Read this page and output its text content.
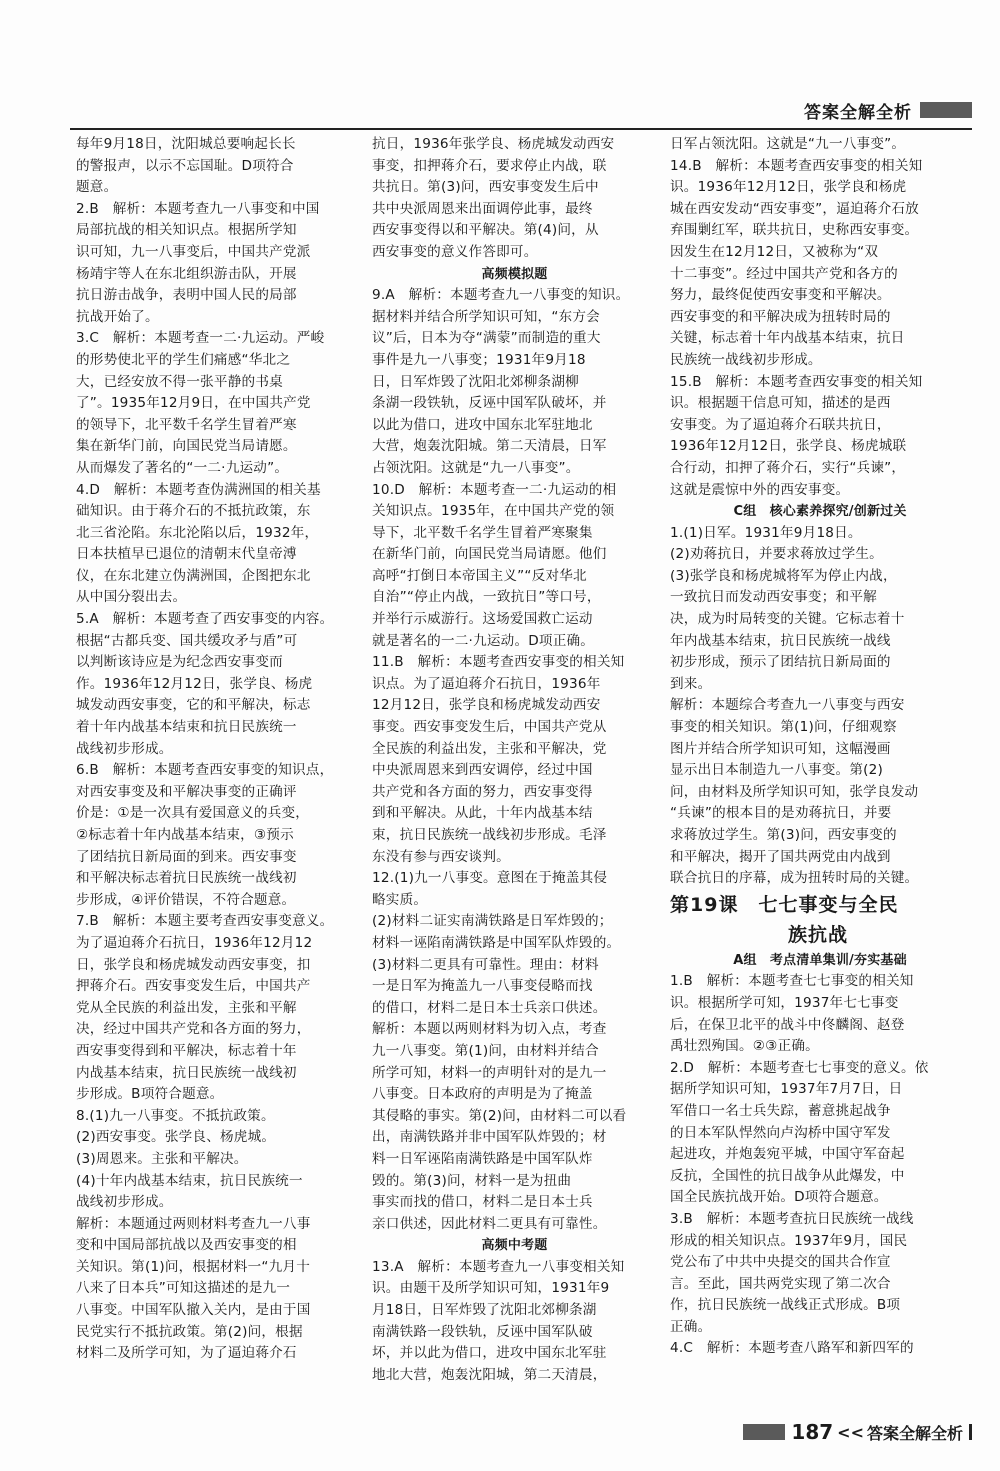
答案全解全析
每年9月18日，沈阳城总要响起长长
的警报声，以示不忘国耻。D项符合
题意。
2.B　解析：本题考查九一八事变和中国
局部抗战的相关知识点。根据所学知
识可知，九一八事变后，中国共产党派
杨靖宇等人在东北组织游击队，开展
抗日游击战争，表明中国人民的局部
抗战开始了。
3.C　解析：本题考查一二·九运动。严峻
的形势使北平的学生们痛感“华北之
大，已经安放不得一张平静的书桌
了”。1935年12月9日，在中国共产党
的领导下，北平数千名学生冒着严寒
集在新华门前，向国民党当局请愿。
从而爆发了著名的“一二·九运动”。
4.D　解析：本题考查伪满洲国的相关基
础知识。由于蒋介石的不抵抗政策，东
北三省沦陷。东北沦陷以后，1932年，
日本扶植早已退位的清朝末代皇帝溥
仪，在东北建立伪满洲国，企图把东北
从中国分裂出去。
5.A　解析：本题考查了西安事变的内容。
根据“古都兵变、国共缓攻矛与盾”可
以判断该诗应是为纪念西安事变而
作。1936年12月12日，张学良、杨虎
城发动西安事变，它的和平解决，标志
着十年内战基本结束和抗日民族统一
战线初步形成。
6.B　解析：本题考查西安事变的知识点，
对西安事变及和平解决事变的正确评
价是：①是一次具有爱国意义的兵变，
②标志着十年内战基本结束，③预示
了团结抗日新局面的到来。西安事变
和平解决标志着抗日民族统一战线初
步形成，④评价错误，不符合题意。
7.B　解析：本题主要考查西安事变意义。
为了逼迫蒋介石抗日，1936年12月12
日，张学良和杨虎城发动西安事变，扣
押蒋介石。西安事变发生后，中国共产
党从全民族的利益出发，主张和平解
决，经过中国共产党和各方面的努力，
西安事变得到和平解决，标志着十年
内战基本结束，抗日民族统一战线初
步形成。B项符合题意。
8.(1)九一八事变。不抵抗政策。
(2)西安事变。张学良、杨虎城。
(3)周恩来。主张和平解决。
(4)十年内战基本结束，抗日民族统一
战线初步形成。
解析：本题通过两则材料考查九一八事
变和中国局部抗战以及西安事变的相
关知识。第(1)问，根据材料一“九月十
八来了日本兵”可知这描述的是九一
八事变。中国军队撤入关内，是由于国
民党实行不抵抗政策。第(2)问，根据
材料二及所学可知，为了逼迫蒋介石
抗日，1936年张学良、杨虎城发动西安
事变，扣押蒋介石，要求停止内战，联
共抗日。第(3)问，西安事变发生后中
共中央派周恩来出面调停此事，最终
西安事变得以和平解决。第(4)问，从
西安事变的意义作答即可。
高频模拟题
9.A　解析：本题考查九一八事变的知识。
据材料并结合所学知识可知，“东方会
议”后，日本为夺“满蒙”而制造的重大
事件是九一八事变；1931年9月18
日，日军炸毁了沈阳北郊柳条湖柳
条湖一段铁轨，反诬中国军队破坏，并
以此为借口，进攻中国东北军驻地北
大营，炮轰沈阳城。第二天清晨，日军
占领沈阳。这就是“九一八事变”。
10.D　解析：本题考查一二·九运动的相
关知识点。1935年，在中国共产党的领
导下，北平数千名学生冒着严寒聚集
在新华门前，向国民党当局请愿。他们
高呼“打倒日本帝国主义”“反对华北
自治”“停止内战，一致抗日”等口号，
并举行示威游行。这场爱国救亡运动
就是著名的一二·九运动。D项正确。
11.B　解析：本题考查西安事变的相关知
识点。为了逼迫蒋介石抗日，1936年
12月12日，张学良和杨虎城发动西安
事变。西安事变发生后，中国共产党从
全民族的利益出发，主张和平解决，党
中央派周恩来到西安调停，经过中国
共产党和各方面的努力，西安事变得
到和平解决。从此，十年内战基本结
束，抗日民族统一战线初步形成。毛泽
东没有参与西安谈判。
12.(1)九一八事变。意图在于掩盖其侵
略实质。
(2)材料二证实南满铁路是日军炸毁的；
材料一诬陷南满铁路是中国军队炸毁的。
(3)材料二更具有可靠性。理由：材料
一是日军为掩盖九一八事变侵略而找
的借口，材料二是日本士兵亲口供述。
解析：本题以两则材料为切入点，考查
九一八事变。第(1)问，由材料并结合
所学可知，材料一的声明针对的是九一
八事变。日本政府的声明是为了掩盖
其侵略的事实。第(2)问，由材料二可以看
出，南满铁路并非中国军队炸毁的；材
料一日军诬陷南满铁路是中国军队炸
毁的。第(3)问，材料一是为扭曲
事实而找的借口，材料二是日本士兵
亲口供述，因此材料二更具有可靠性。
高频中考题
13.A　解析：本题考查九一八事变相关知
识。由题干及所学知识可知，1931年9
月18日，日军炸毁了沈阳北郊柳条湖
南满铁路一段铁轨，反诬中国军队破
坏，并以此为借口，进攻中国东北军驻
地北大营，炮轰沈阳城，第二天清晨，
日军占领沈阳。这就是“九一八事变”。
14.B　解析：本题考查西安事变的相关知
识。1936年12月12日，张学良和杨虎
城在西安发动“西安事变”，逼迫蒋介石放
弃围剿红军，联共抗日，史称西安事变。
因发生在12月12日，又被称为“双
十二事变”。经过中国共产党和各方的
努力，最终促使西安事变和平解决。
西安事变的和平解决成为扭转时局的
关键，标志着十年内战基本结束，抗日
民族统一战线初步形成。
15.B　解析：本题考查西安事变的相关知
识。根据题干信息可知，描述的是西
安事变。为了逼迫蒋介石联共抗日，
1936年12月12日，张学良、杨虎城联
合行动，扣押了蒋介石，实行“兵谏”，
这就是震惊中外的西安事变。
C组　核心素养探究/创新过关
1.(1)日军。1931年9月18日。
(2)劝蒋抗日，并要求蒋放过学生。
(3)张学良和杨虎城将军为停止内战，
一致抗日而发动西安事变；和平解
决，成为时局转变的关键。它标志着十
年内战基本结束，抗日民族统一战线
初步形成，预示了团结抗日新局面的
到来。
解析：本题综合考查九一八事变与西安
事变的相关知识。第(1)问，仔细观察
图片并结合所学知识可知，这幅漫画
显示出日本制造九一八事变。第(2)
问，由材料及所学知识可知，张学良发动
“兵谏”的根本目的是劝蒋抗日，并要
求蒋放过学生。第(3)问，西安事变的
和平解决，揭开了国共两党由内战到
联合抗日的序幕，成为扭转时局的关键。
第19课　七七事变与全民
族抗战
A组　考点清单集训/夯实基础
1.B　解析：本题考查七七事变的相关知
识。根据所学可知，1937年七七事变
后，在保卫北平的战斗中佟麟阁、赵登
禹壮烈殉国。②③正确。
2.D　解析：本题考查七七事变的意义。依
据所学知识可知，1937年7月7日，日
军借口一名士兵失踪，蓄意挑起战争
的日本军队悍然向卢沟桥中国守军发
起进攻，并炮轰宛平城，中国守军奋起
反抗，全国性的抗日战争从此爆发，中
国全民族抗战开始。D项符合题意。
3.B　解析：本题考查抗日民族统一战线
形成的相关知识点。1937年9月，国民
党公布了中共中央提交的国共合作宣
言。至此，国共两党实现了第二次合
作，抗日民族统一战线正式形成。B项
正确。
4.C　解析：本题考查八路军和新四军的
187 << 答案全解全析
